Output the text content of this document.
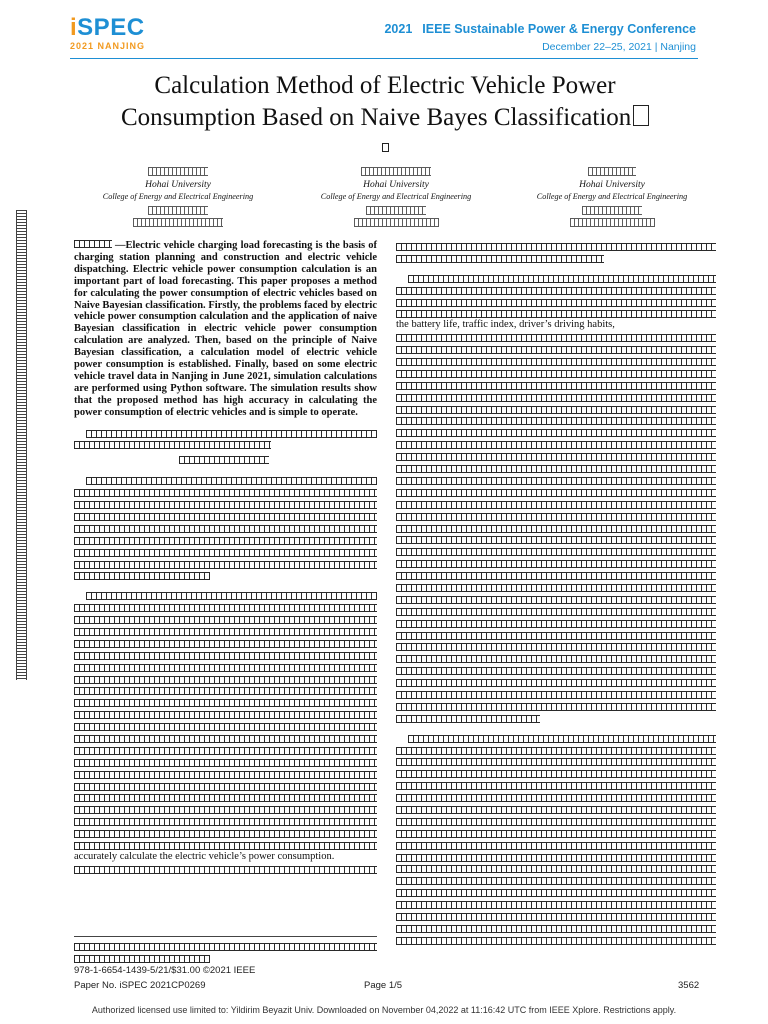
iSPEC
2021 NANJING
2021 IEEE Sustainable Power & Energy Conference
December 22–25, 2021 | Nanjing
Calculation Method of Electric Vehicle Power
Consumption Based on Naive Bayes Classification
Hohai University
College of Energy and Electrical Engineering
Hohai University
College of Energy and Electrical Engineering
Hohai University
College of Energy and Electrical Engineering
—Electric vehicle charging load forecasting is the basis of charging station planning and construction and electric vehicle dispatching. Electric vehicle power consumption calculation is an important part of load forecasting. This paper proposes a method for calculating the power consumption of electric vehicles based on Naive Bayesian classification. Firstly, the problems faced by electric vehicle power consumption calculation and the application of naive Bayesian classification in electric vehicle power consumption calculation are analyzed. Then, based on the principle of Naive Bayesian classification, a calculation model of electric vehicle power consumption is established. Finally, based on some electric vehicle travel data in Nanjing in June 2021, simulation calculations are performed using Python software. The simulation results show that the proposed method has high accuracy in calculating the power consumption of electric vehicles and is simple to operate.
accurately calculate the electric vehicle’s power consumption.
the battery life, traffic index, driver’s driving habits,
978-1-6654-1439-5/21/$31.00 ©2021 IEEE
Paper No. iSPEC 2021CP0269	Page 1/5	3562
Authorized licensed use limited to: Yildirim Beyazit Univ. Downloaded on November 04,2022 at 11:16:42 UTC from IEEE Xplore. Restrictions apply.
